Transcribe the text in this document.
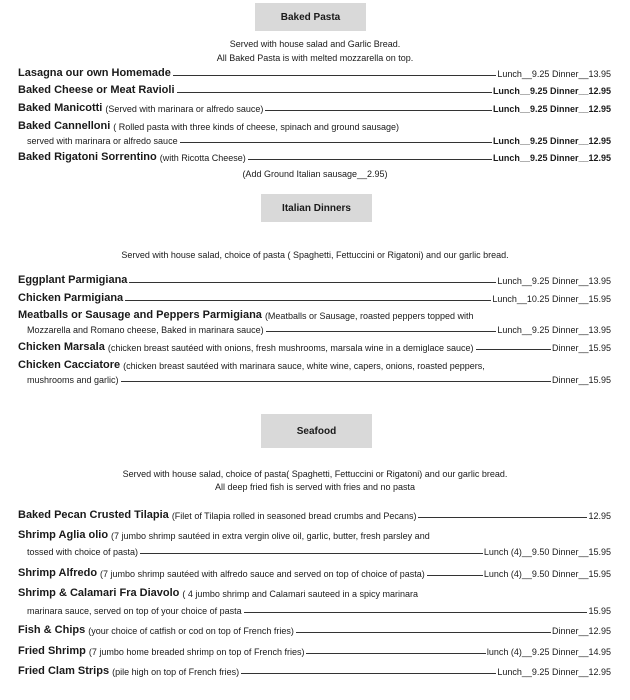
Baked Pasta
Served with house salad and Garlic Bread.
All Baked Pasta is with melted mozzarella on top.
Lasagna our own Homemade	Lunch__9.25 Dinner__13.95
Baked Cheese or Meat Ravioli	Lunch__9.25 Dinner__12.95
Baked Manicotti (Served with marinara or alfredo sauce)	Lunch__9.25 Dinner__12.95
Baked Cannelloni ( Rolled pasta with three kinds of cheese, spinach and ground sausage)
served with marinara or alfredo sauce	Lunch__9.25 Dinner__12.95
Baked Rigatoni Sorrentino (with Ricotta Cheese)	Lunch__9.25 Dinner__12.95
(Add Ground Italian sausage__2.95)
Italian Dinners
Served with house salad, choice of pasta ( Spaghetti, Fettuccini or Rigatoni) and our garlic bread.
Eggplant Parmigiana	Lunch__9.25 Dinner__13.95
Chicken Parmigiana	Lunch__10.25 Dinner__15.95
Meatballs or Sausage and Peppers Parmigiana (Meatballs or Sausage, roasted peppers topped with
Mozzarella and Romano cheese, Baked in marinara sauce)	Lunch__9.25 Dinner__13.95
Chicken Marsala (chicken breast sautéed with onions, fresh mushrooms, marsala wine in a demiglace sauce)	Dinner__15.95
Chicken Cacciatore (chicken breast sautéed with marinara sauce, white wine, capers, onions, roasted peppers,
mushrooms and garlic)	Dinner__15.95
Seafood
Served with house salad, choice of pasta( Spaghetti, Fettuccini or Rigatoni) and our garlic bread.
All deep fried fish is served with fries and no pasta
Baked Pecan Crusted Tilapia (Filet of Tilapia rolled in seasoned bread crumbs and Pecans)	12.95
Shrimp Aglia olio (7 jumbo shrimp sautéed in extra vergin olive oil, garlic, butter, fresh parsley and
tossed with choice of pasta)	Lunch (4)__9.50 Dinner__15.95
Shrimp Alfredo (7 jumbo shrimp sautéed with alfredo sauce and served on top of choice of pasta)	Lunch (4)__9.50 Dinner__15.95
Shrimp & Calamari Fra Diavolo ( 4 jumbo shrimp and Calamari sauteed in a spicy marinara
marinara sauce, served on top of your choice of pasta	15.95
Fish & Chips (your choice of catfish or cod on top of French fries)	Dinner__12.95
Fried Shrimp (7 jumbo home breaded shrimp on top of French fries)	lunch (4)__9.25 Dinner__14.95
Fried Clam Strips (pile high on top of French fries)	Lunch__9.25 Dinner__12.95
